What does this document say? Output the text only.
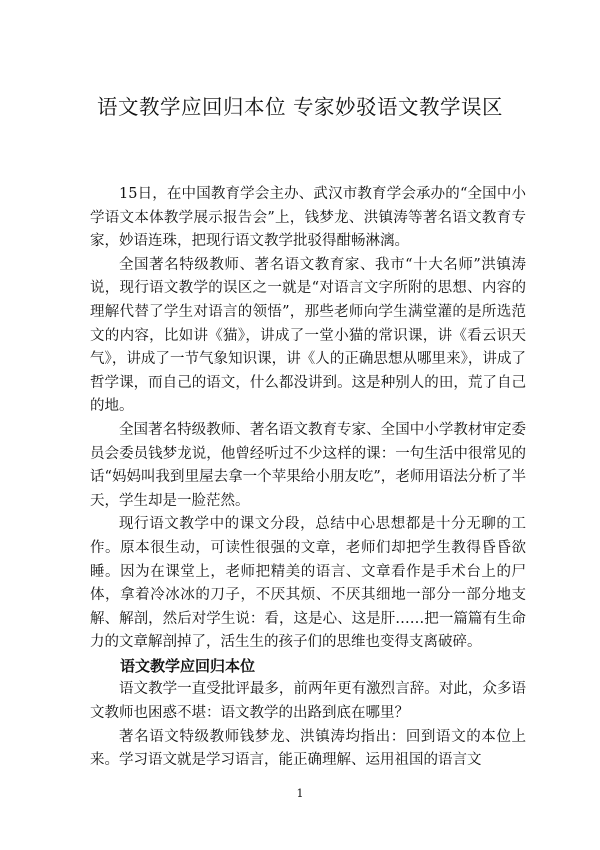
语文教学应回归本位 专家妙驳语文教学误区

15日，在中国教育学会主办、武汉市教育学会承办的“全国中小学语文本体教学展示报告会”上，钱梦龙、洪镇涛等著名语文教育专家，妙语连珠，把现行语文教学批驳得酣畅淋漓。

全国著名特级教师、著名语文教育家、我市“十大名师”洪镇涛说，现行语文教学的误区之一就是“对语言文字所附的思想、内容的理解代替了学生对语言的领悟”，那些老师向学生满堂灌的是所选范文的内容，比如讲《猫》，讲成了一堂小猫的常识课，讲《看云识天气》，讲成了一节气象知识课，讲《人的正确思想从哪里来》，讲成了哲学课，而自己的语文，什么都没讲到。这是种别人的田，荒了自己的地。

全国著名特级教师、著名语文教育专家、全国中小学教材审定委员会委员钱梦龙说，他曾经听过不少这样的课：一句生活中很常见的话“妈妈叫我到里屋去拿一个苹果给小朋友吃”，老师用语法分析了半天，学生却是一脸茫然。

现行语文教学中的课文分段，总结中心思想都是十分无聊的工作。原本很生动，可读性很强的文章，老师们却把学生教得昏昏欲睡。因为在课堂上，老师把精美的语言、文章看作是手术台上的尸体，拿着冷冰冰的刀子，不厌其烦、不厌其细地一部分一部分地支解、解剖，然后对学生说：看，这是心、这是肝……把一篇篇有生命力的文章解剖掉了，活生生的孩子们的思维也变得支离破碎。

语文教学应回归本位

语文教学一直受批评最多，前两年更有激烈言辞。对此，众多语文教师也困惑不堪：语文教学的出路到底在哪里？

著名语文特级教师钱梦龙、洪镇涛均指出：回到语文的本位上来。学习语文就是学习语言，能正确理解、运用祖国的语言文

1
